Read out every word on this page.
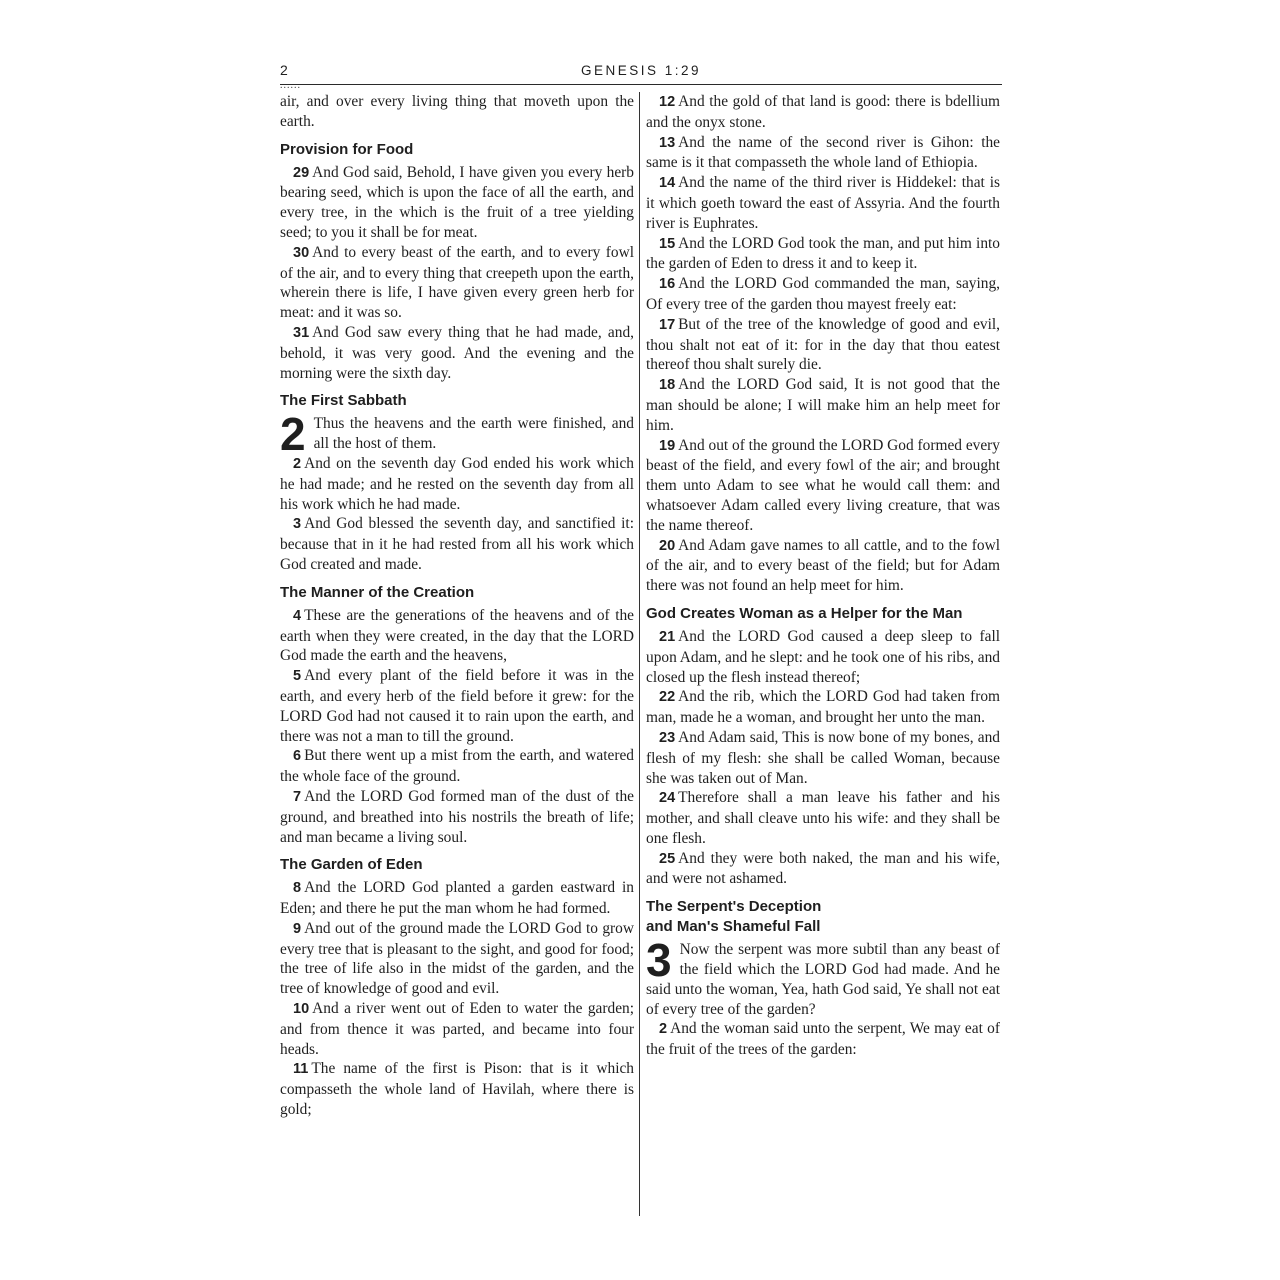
2	GENESIS 1:29
......

air, and over every living thing that moveth upon the earth.

Provision for Food

29 And God said, Behold, I have given you every herb bearing seed, which is upon the face of all the earth, and every tree, in the which is the fruit of a tree yielding seed; to you it shall be for meat.

30 And to every beast of the earth, and to every fowl of the air, and to every thing that creepeth upon the earth, wherein there is life, I have given every green herb for meat: and it was so.

31 And God saw every thing that he had made, and, behold, it was very good. And the evening and the morning were the sixth day.

The First Sabbath

2 Thus the heavens and the earth were finished, and all the host of them.

2 And on the seventh day God ended his work which he had made; and he rested on the seventh day from all his work which he had made.

3 And God blessed the seventh day, and sanctified it: because that in it he had rested from all his work which God created and made.

The Manner of the Creation

4 These are the generations of the heavens and of the earth when they were created, in the day that the LORD God made the earth and the heavens,

5 And every plant of the field before it was in the earth, and every herb of the field before it grew: for the LORD God had not caused it to rain upon the earth, and there was not a man to till the ground.

6 But there went up a mist from the earth, and watered the whole face of the ground.

7 And the LORD God formed man of the dust of the ground, and breathed into his nostrils the breath of life; and man became a living soul.

The Garden of Eden

8 And the LORD God planted a garden eastward in Eden; and there he put the man whom he had formed.

9 And out of the ground made the LORD God to grow every tree that is pleasant to the sight, and good for food; the tree of life also in the midst of the garden, and the tree of knowledge of good and evil.

10 And a river went out of Eden to water the garden; and from thence it was parted, and became into four heads.

11 The name of the first is Pison: that is it which compasseth the whole land of Havilah, where there is gold;

12 And the gold of that land is good: there is bdellium and the onyx stone.

13 And the name of the second river is Gihon: the same is it that compasseth the whole land of Ethiopia.

14 And the name of the third river is Hiddekel: that is it which goeth toward the east of Assyria. And the fourth river is Euphrates.

15 And the LORD God took the man, and put him into the garden of Eden to dress it and to keep it.

16 And the LORD God commanded the man, saying, Of every tree of the garden thou mayest freely eat:

17 But of the tree of the knowledge of good and evil, thou shalt not eat of it: for in the day that thou eatest thereof thou shalt surely die.

18 And the LORD God said, It is not good that the man should be alone; I will make him an help meet for him.

19 And out of the ground the LORD God formed every beast of the field, and every fowl of the air; and brought them unto Adam to see what he would call them: and whatsoever Adam called every living creature, that was the name thereof.

20 And Adam gave names to all cattle, and to the fowl of the air, and to every beast of the field; but for Adam there was not found an help meet for him.

God Creates Woman as a Helper for the Man

21 And the LORD God caused a deep sleep to fall upon Adam, and he slept: and he took one of his ribs, and closed up the flesh instead thereof;

22 And the rib, which the LORD God had taken from man, made he a woman, and brought her unto the man.

23 And Adam said, This is now bone of my bones, and flesh of my flesh: she shall be called Woman, because she was taken out of Man.

24 Therefore shall a man leave his father and his mother, and shall cleave unto his wife: and they shall be one flesh.

25 And they were both naked, the man and his wife, and were not ashamed.

The Serpent's Deception
and Man's Shameful Fall

3 Now the serpent was more subtil than any beast of the field which the LORD God had made. And he said unto the woman, Yea, hath God said, Ye shall not eat of every tree of the garden?

2 And the woman said unto the serpent, We may eat of the fruit of the trees of the garden:
